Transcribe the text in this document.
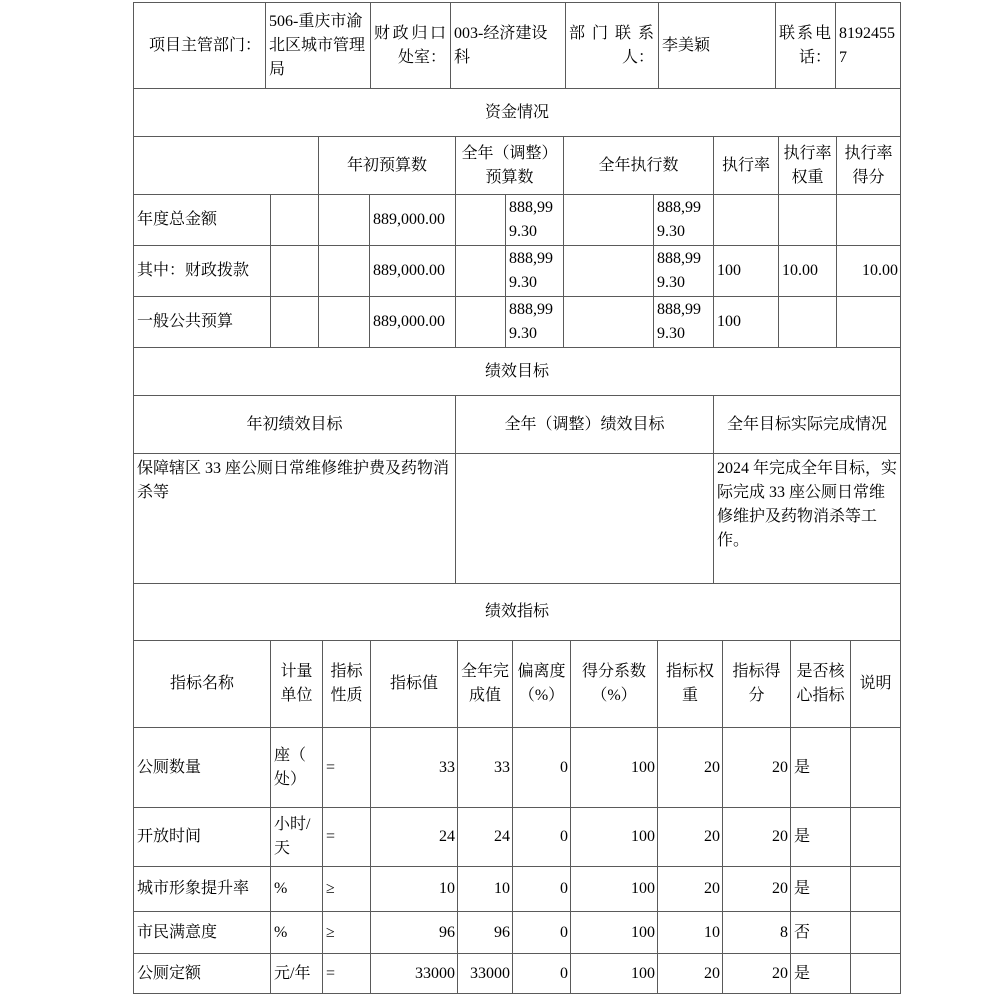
项目主管部门：	506-重庆市渝北区城市管理局	财政归口处室：	003-经济建设科	部门联系人：	李美颖	联系电话：	81924557
资金情况										
		年初预算数		全年（调整）预算数		全年执行数		执行率	执行率权重	执行率得分
年度总金额			889,000.00		888,999.30		888,999.30			
其中：财政拨款			889,000.00		888,999.30		888,999.30	100	10.00	10.00
一般公共预算			889,000.00		888,999.30		888,999.30	100		
绩效目标		
年初绩效目标	全年（调整）绩效目标	全年目标实际完成情况
保障辖区 33 座公厕日常维修维护费及药物消杀等		2024 年完成全年目标，实际完成 33 座公厕日常维修维护及药物消杀等工作。
绩效指标										
指标名称	计量单位	指标性质	指标值	全年完成值	偏离度（%）	得分系数（%）	指标权重	指标得分	是否核心指标	说明
公厕数量	座（处）	=	33	33	0	100	20	20	是	
开放时间	小时/天	=	24	24	0	100	20	20	是	
城市形象提升率	%	≥	10	10	0	100	20	20	是	
市民满意度	%	≥	96	96	0	100	10	8	否	
公厕定额	元/年	=	33000	33000	0	100	20	20	是	
